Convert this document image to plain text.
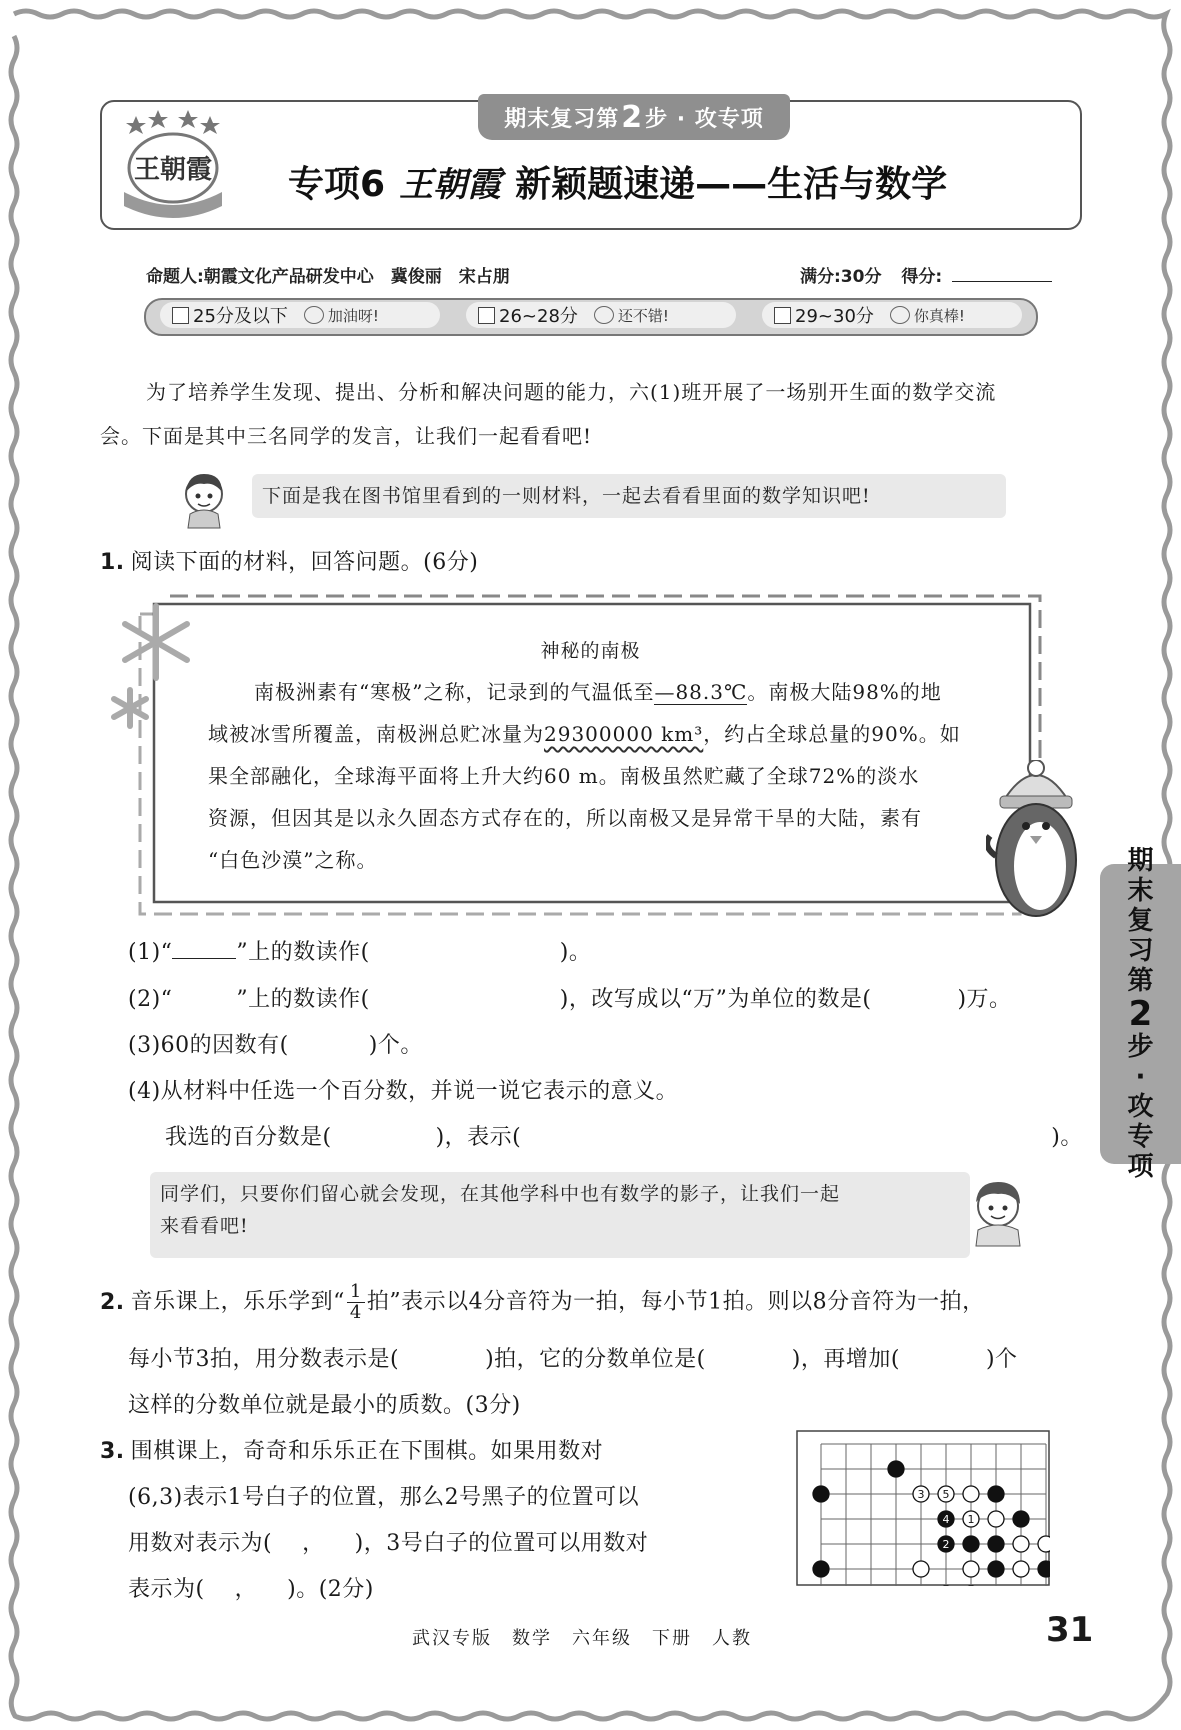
期末复习第 2 步 · 攻专项
王朝霞 专项6 王朝霞 新颖题速递——生活与数学
命题人:朝霞文化产品研发中心　冀俊丽　宋占朋	满分:30分 得分:
25分及以下	加油呀!	26~28分	还不错!	29~30分	你真棒!
为了培养学生发现、提出、分析和解决问题的能力，六(1)班开展了一场别开生面的数学交流
会。下面是其中三名同学的发言，让我们一起看看吧!
下面是我在图书馆里看到的一则材料，一起去看看里面的数学知识吧!
1. 阅读下面的材料，回答问题。(6分)
神秘的南极
南极洲素有“寒极”之称，记录到的气温低至—88.3℃。南极大陆98%的地
域被冰雪所覆盖，南极洲总贮冰量为29300000 km³，约占全球总量的90%。如
果全部融化，全球海平面将上升大约60 m。南极虽然贮藏了全球72%的淡水
资源，但因其是以永久固态方式存在的，所以南极又是异常干旱的大陆，素有
“白色沙漠”之称。
(1)“	”上的数读作(	)。
(2)“	”上的数读作(	)，改写成以“万”为单位的数是(	)万。
(3)60的因数有(	)个。
(4)从材料中任选一个百分数，并说一说它表示的意义。
我选的百分数是(	)，表示(	)。
同学们，只要你们留心就会发现，在其他学科中也有数学的影子，让我们一起
来看看吧!
2. 音乐课上，乐乐学到“ $\frac{1}{4}$ 拍”表示以4分音符为一拍，每小节1拍。则以8分音符为一拍，
每小节3拍，用分数表示是(	)拍，它的分数单位是(	)，再增加(	)个
这样的分数单位就是最小的质数。(3分)
3. 围棋课上，奇奇和乐乐正在下围棋。如果用数对
(6,3)表示1号白子的位置，那么2号黑子的位置可以
用数对表示为( ， )，3号白子的位置可以用数对
表示为( ， )。(2分)
3 5
4 1
2
期
末
复
习
第
2
步
·
攻
专
项
武汉专版　数学　六年级　下册　人教	31
